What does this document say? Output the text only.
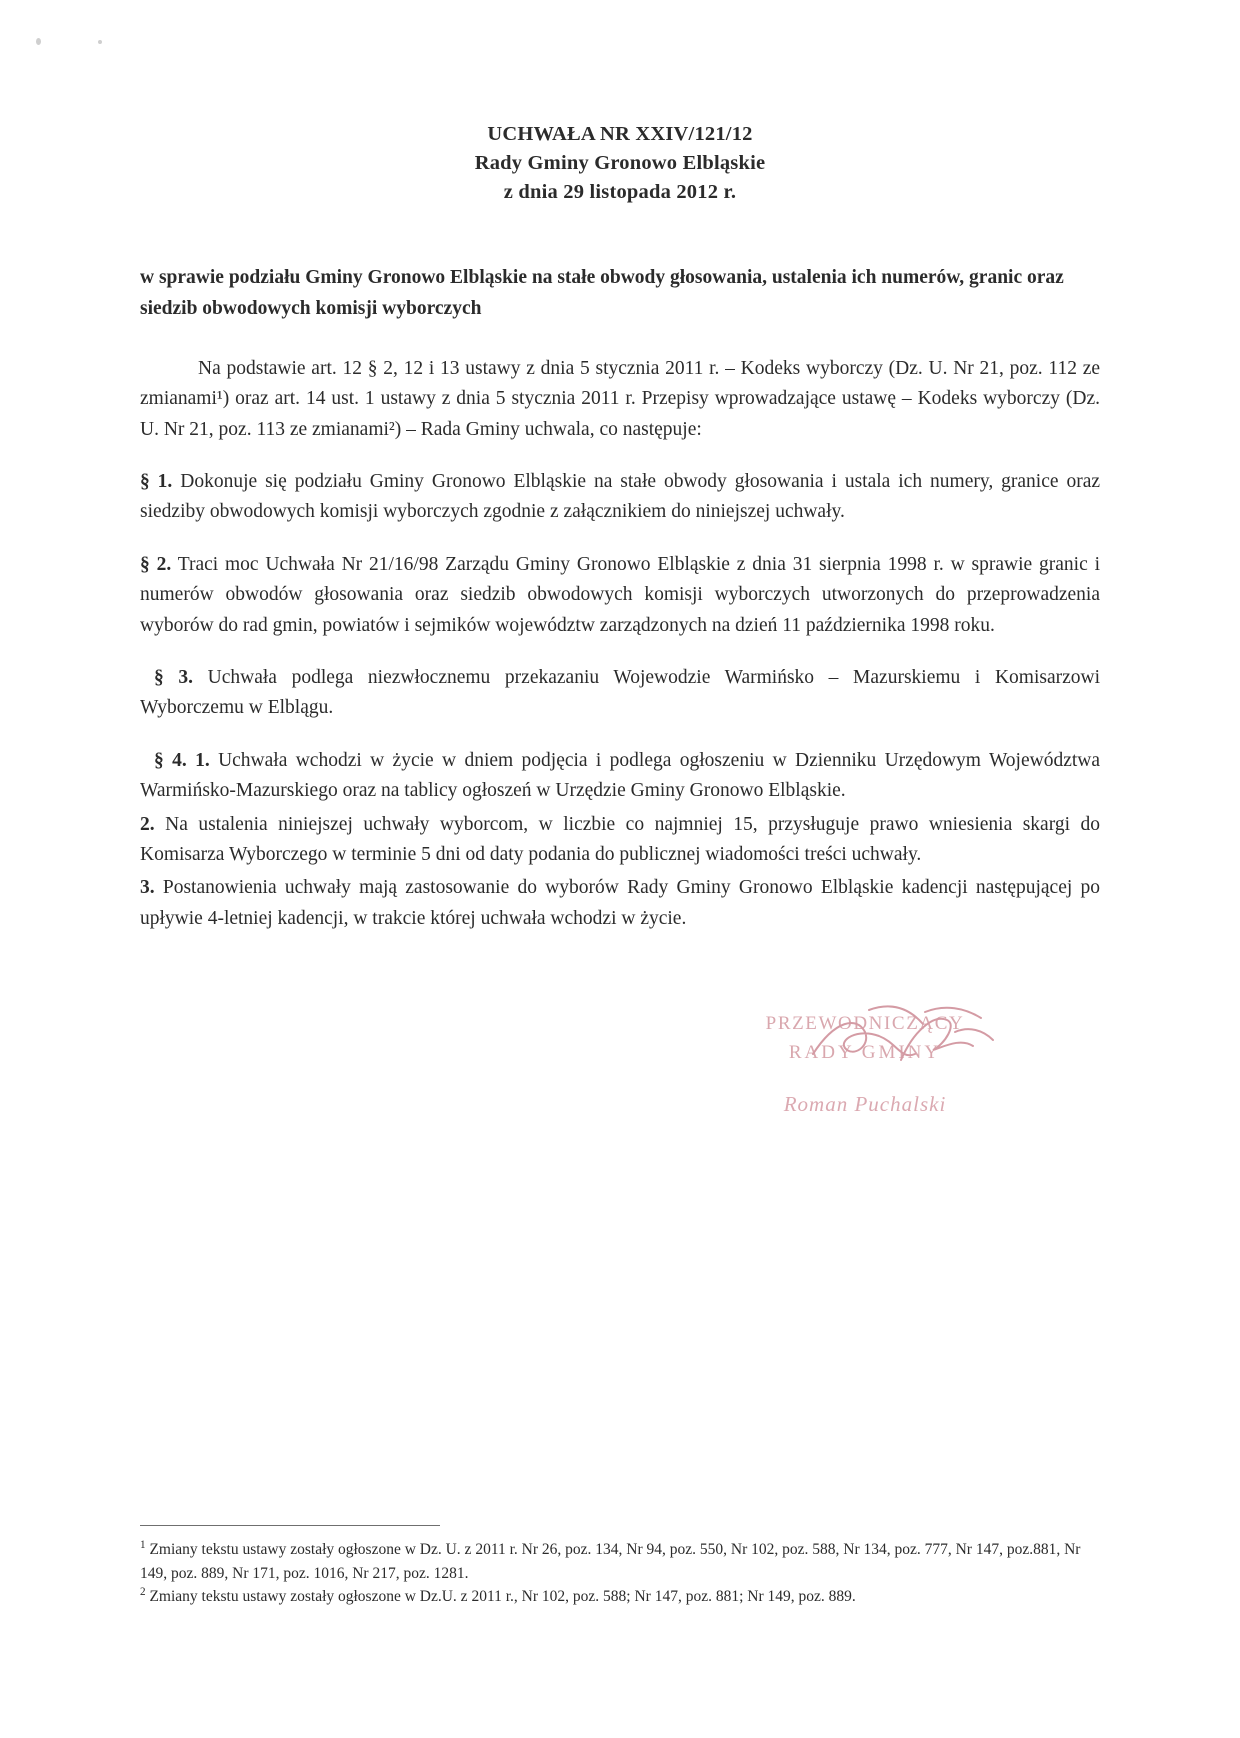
UCHWAŁA NR XXIV/121/12
Rady Gminy Gronowo Elbląskie
z dnia 29 listopada 2012 r.
w sprawie podziału Gminy Gronowo Elbląskie na stałe obwody głosowania, ustalenia ich numerów, granic oraz siedzib obwodowych komisji wyborczych
Na podstawie art. 12 § 2, 12 i 13 ustawy z dnia 5 stycznia 2011 r. – Kodeks wyborczy (Dz. U. Nr 21, poz. 112 ze zmianami¹) oraz art. 14 ust. 1 ustawy z dnia 5 stycznia 2011 r. Przepisy wprowadzające ustawę – Kodeks wyborczy (Dz. U. Nr 21, poz. 113 ze zmianami²) – Rada Gminy uchwala, co następuje:
§ 1. Dokonuje się podziału Gminy Gronowo Elbląskie na stałe obwody głosowania i ustala ich numery, granice oraz siedziby obwodowych komisji wyborczych zgodnie z załącznikiem do niniejszej uchwały.
§ 2. Traci moc Uchwała Nr 21/16/98 Zarządu Gminy Gronowo Elbląskie z dnia 31 sierpnia 1998 r. w sprawie granic i numerów obwodów głosowania oraz siedzib obwodowych komisji wyborczych utworzonych do przeprowadzenia wyborów do rad gmin, powiatów i sejmików województw zarządzonych na dzień 11 października 1998 roku.
§ 3. Uchwała podlega niezwłocznemu przekazaniu Wojewodzie Warmińsko – Mazurskiemu i Komisarzowi Wyborczemu w Elblągu.
§ 4. 1. Uchwała wchodzi w życie w dniem podjęcia i podlega ogłoszeniu w Dzienniku Urzędowym Województwa Warmińsko-Mazurskiego oraz na tablicy ogłoszeń w Urzędzie Gminy Gronowo Elbląskie.
2. Na ustalenia niniejszej uchwały wyborcom, w liczbie co najmniej 15, przysługuje prawo wniesienia skargi do Komisarza Wyborczego w terminie 5 dni od daty podania do publicznej wiadomości treści uchwały.
3. Postanowienia uchwały mają zastosowanie do wyborów Rady Gminy Gronowo Elbląskie kadencji następującej po upływie 4-letniej kadencji, w trakcie której uchwała wchodzi w życie.
PRZEWODNICZĄCY
RADY GMINY
Roman Puchalski
$^1$ Zmiany tekstu ustawy zostały ogłoszone w Dz. U. z 2011 r. Nr 26, poz. 134, Nr 94, poz. 550, Nr 102, poz. 588, Nr 134, poz. 777, Nr 147, poz.881, Nr 149, poz. 889, Nr 171, poz. 1016, Nr 217, poz. 1281.
$^2$ Zmiany tekstu ustawy zostały ogłoszone w Dz.U. z 2011 r., Nr 102, poz. 588; Nr 147, poz. 881; Nr 149, poz. 889.
